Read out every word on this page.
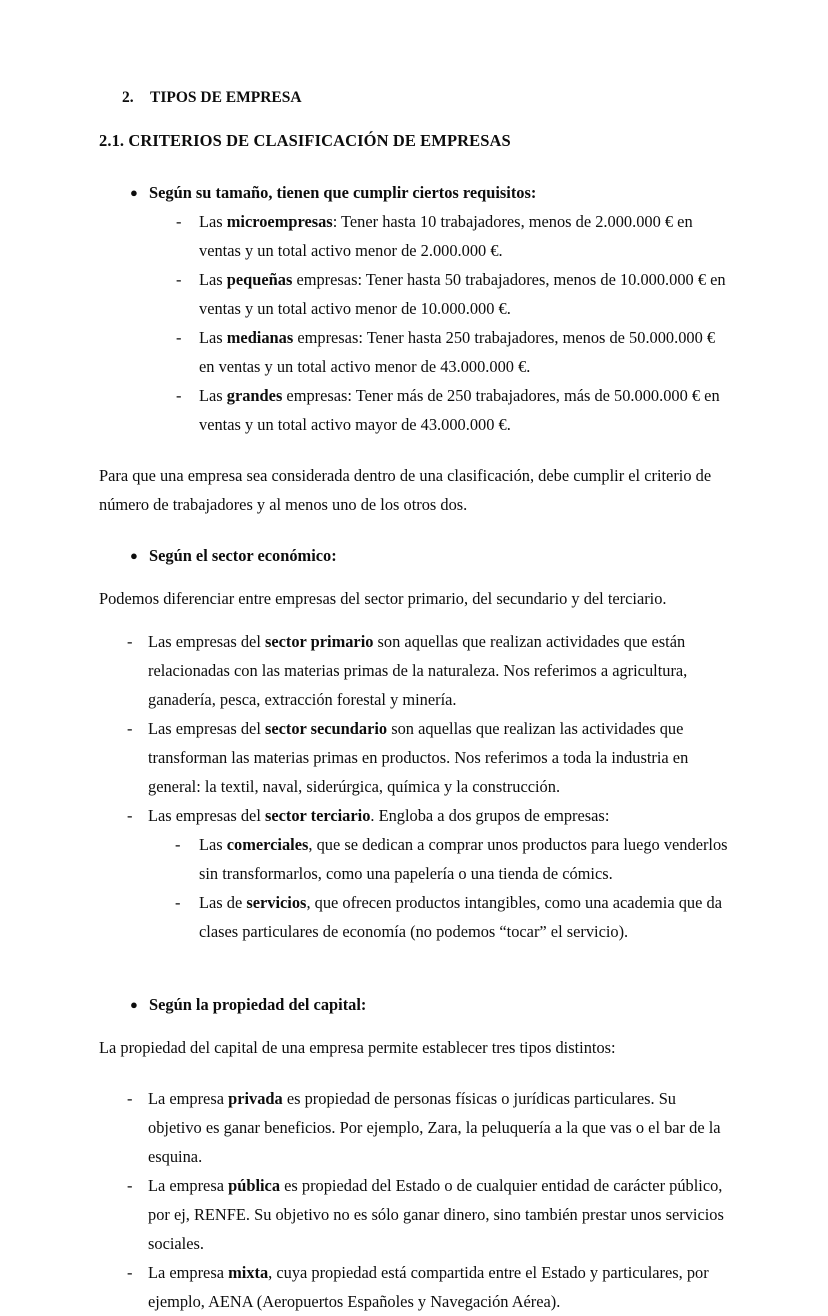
2.	TIPOS DE EMPRESA
2.1. CRITERIOS DE CLASIFICACIÓN DE EMPRESAS
● Según su tamaño, tienen que cumplir ciertos requisitos:
-	Las microempresas: Tener hasta 10 trabajadores, menos de 2.000.000 € en ventas y un total activo menor de 2.000.000 €.
-	Las pequeñas empresas: Tener hasta 50 trabajadores, menos de 10.000.000 € en ventas y un total activo menor de 10.000.000 €.
-	Las medianas empresas: Tener hasta 250 trabajadores, menos de 50.000.000 € en ventas y un total activo menor de 43.000.000 €.
-	Las grandes empresas: Tener más de 250 trabajadores, más de 50.000.000 € en ventas y un total activo mayor de 43.000.000 €.

Para que una empresa sea considerada dentro de una clasificación, debe cumplir el criterio de número de trabajadores y al menos uno de los otros dos.

● Según el sector económico:

Podemos diferenciar entre empresas del sector primario, del secundario y del terciario.

- Las empresas del sector primario son aquellas que realizan actividades que están relacionadas con las materias primas de la naturaleza. Nos referimos a agricultura, ganadería, pesca, extracción forestal y minería.
- Las empresas del sector secundario son aquellas que realizan las actividades que transforman las materias primas en productos. Nos referimos a toda la industria en general: la textil, naval, siderúrgica, química y la construcción.
- Las empresas del sector terciario. Engloba a dos grupos de empresas:
-	Las comerciales, que se dedican a comprar unos productos para luego venderlos sin transformarlos, como una papelería o una tienda de cómics.
-	Las de servicios, que ofrecen productos intangibles, como una academia que da clases particulares de economía (no podemos “tocar” el servicio).
● Según la propiedad del capital:

La propiedad del capital de una empresa permite establecer tres tipos distintos:

- La empresa privada es propiedad de personas físicas o jurídicas particulares. Su objetivo es ganar beneficios. Por ejemplo, Zara, la peluquería a la que vas o el bar de la esquina.
- La empresa pública es propiedad del Estado o de cualquier entidad de carácter público, por ej, RENFE. Su objetivo no es sólo ganar dinero, sino también prestar unos servicios sociales.
- La empresa mixta, cuya propiedad está compartida entre el Estado y particulares, por ejemplo, AENA (Aeropuertos Españoles y Navegación Aérea).
